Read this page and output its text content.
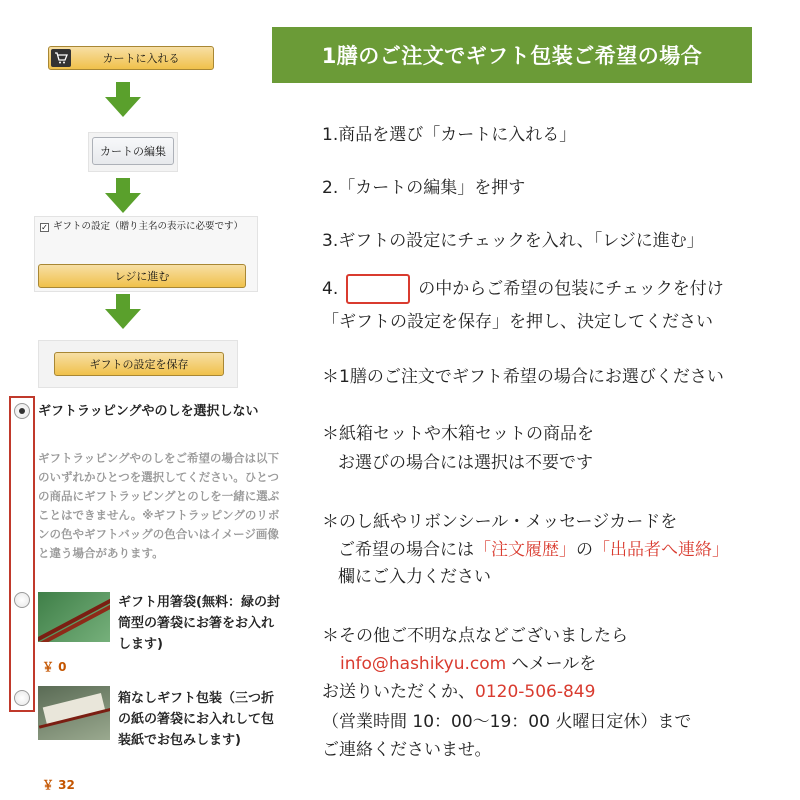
カートに入れる
カートの編集
✓ ギフトの設定（贈り主名の表示に必要です）
レジに進む
ギフトの設定を保存
ギフトラッピングやのしを選択しない
ギフトラッピングやのしをご希望の場合は以下のいずれかひとつを選択してください。ひとつの商品にギフトラッピングとのしを一緒に選ぶことはできません。※ギフトラッピングのリボンの色やギフトバッグの色合いはイメージ画像と違う場合があります。
ギフト用箸袋(無料：緑の封筒型の箸袋にお箸をお入れします)
￥ 0
箱なしギフト包装（三つ折の紙の箸袋にお入れして包装紙でお包みします)
￥ 32
1膳のご注文でギフト包装ご希望の場合
1.商品を選び「カートに入れる」
2.「カートの編集」を押す
3.ギフトの設定にチェックを入れ、「レジに進む」
4.	の中からご希望の包装にチェックを付け
「ギフトの設定を保存」を押し、決定してください
＊1膳のご注文でギフト希望の場合にお選びください
＊紙箱セットや木箱セットの商品を
お選びの場合には選択は不要です
＊のし紙やリボンシール・メッセージカードを
ご希望の場合には「注文履歴」の「出品者へ連絡」
欄にご入力ください
＊その他ご不明な点などございましたら
info@hashikyu.com へメールを
お送りいただくか、0120-506-849
（営業時間 10：00～19：00 火曜日定休）まで
ご連絡くださいませ。
